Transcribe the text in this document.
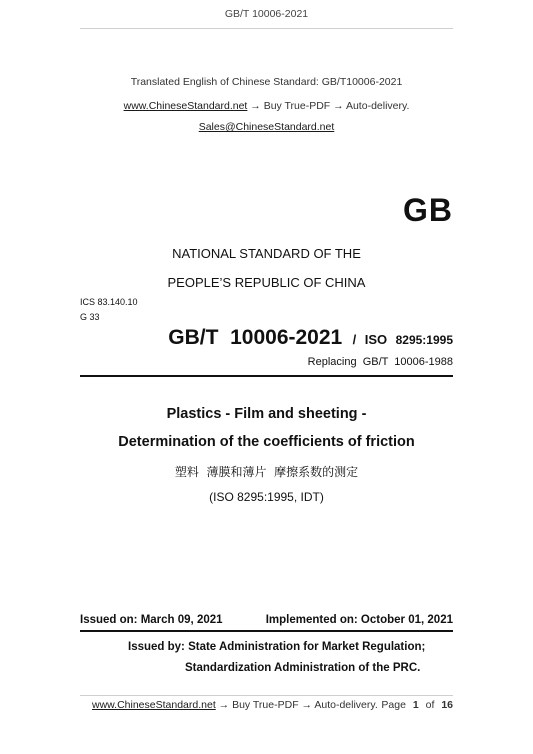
GB/T 10006-2021
Translated English of Chinese Standard: GB/T10006-2021
www.ChineseStandard.net → Buy True-PDF → Auto-delivery.
Sales@ChineseStandard.net
GB
NATIONAL STANDARD OF THE
PEOPLE’S REPUBLIC OF CHINA
ICS 83.140.10
G 33
GB/T  10006-2021 / ISO 8295:1995
Replacing  GB/T  10006-1988
Plastics - Film and sheeting -
Determination of the coefficients of friction
塑料  薄膜和薄片  摩擦系数的测定
(ISO 8295:1995, IDT)
Issued on: March 09, 2021	Implemented on: October 01, 2021
Issued by: State Administration for Market Regulation;
Standardization Administration of the PRC.
www.ChineseStandard.net → Buy True-PDF → Auto-delivery. Page 1 of 16
